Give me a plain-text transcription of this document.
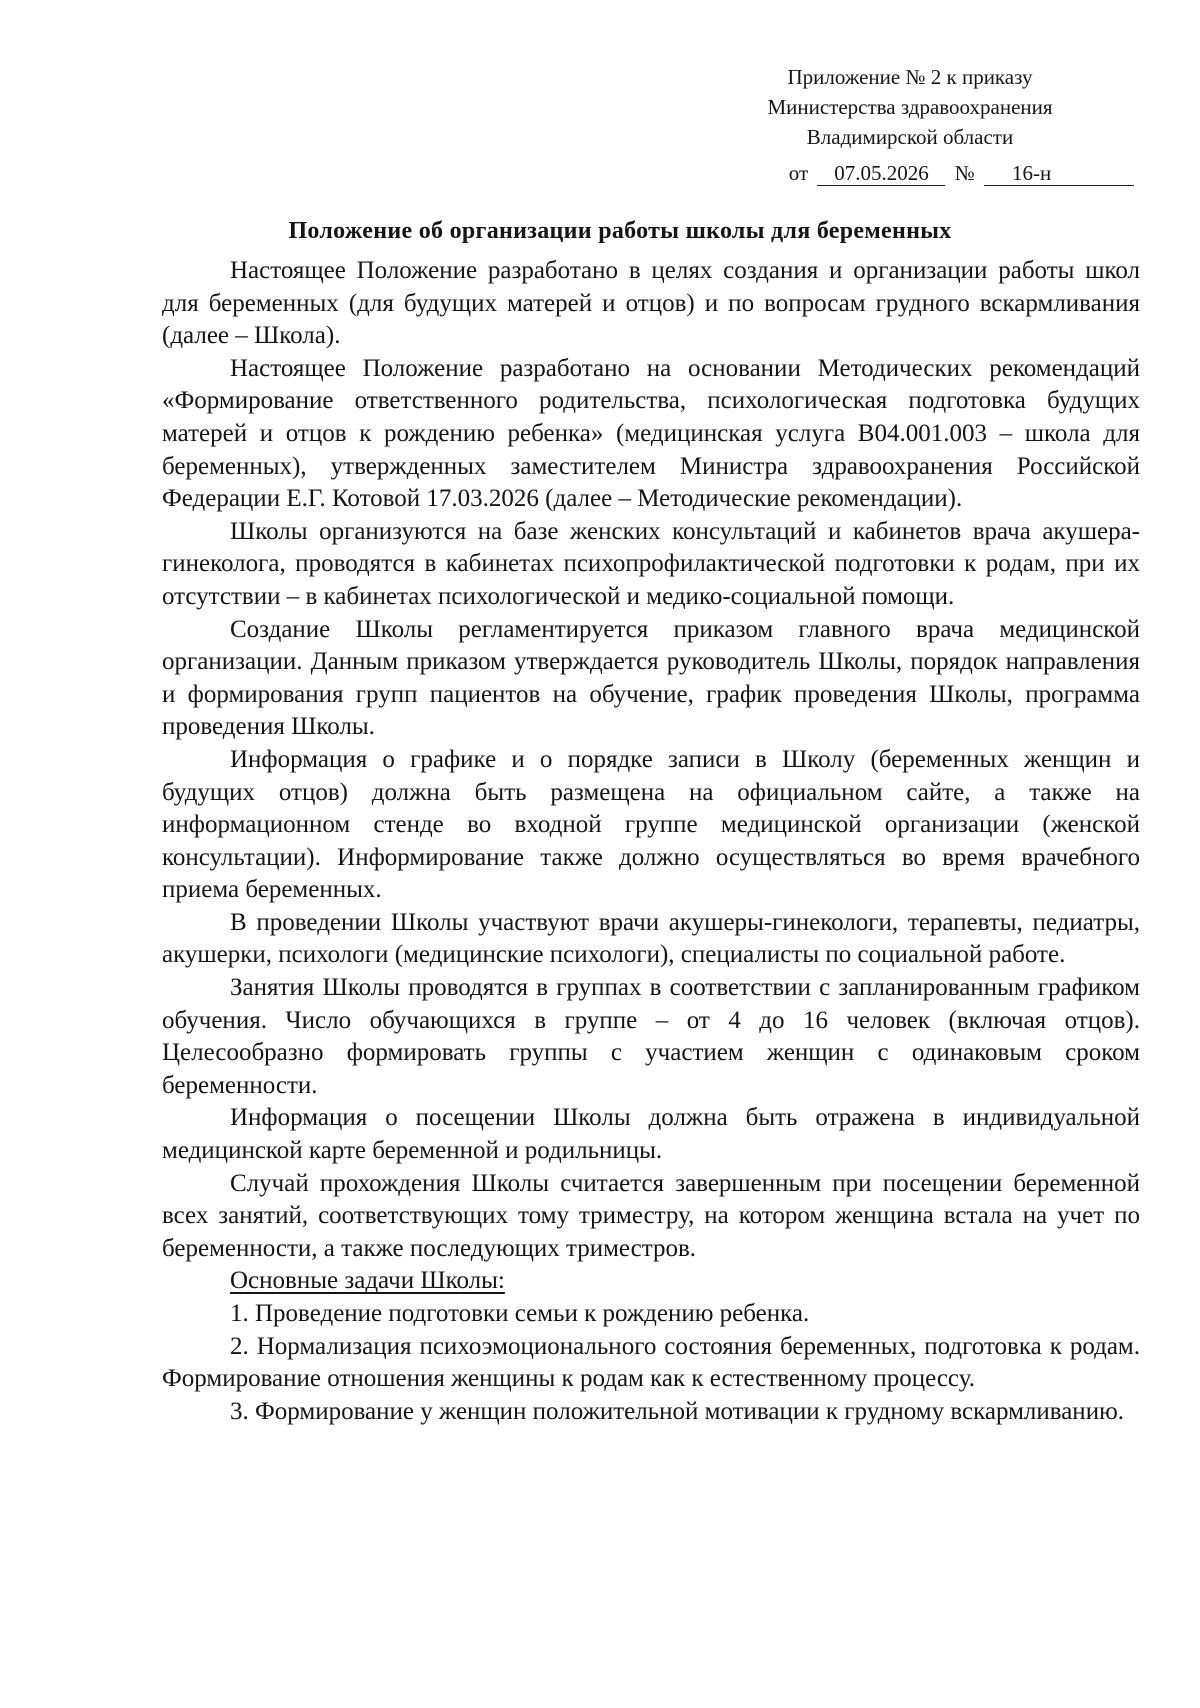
Приложение № 2 к приказу
Министерства здравоохранения
Владимирской области
от 07.05.2026 № 16-н
Положение об организации работы школы для беременных

Настоящее Положение разработано в целях создания и организации работы школ для беременных (для будущих матерей и отцов) и по вопросам грудного вскармливания (далее – Школа).

Настоящее Положение разработано на основании Методических рекомендаций «Формирование ответственного родительства, психологическая подготовка будущих матерей и отцов к рождению ребенка» (медицинская услуга B04.001.003 – школа для беременных), утвержденных заместителем Министра здравоохранения Российской Федерации Е.Г. Котовой 17.03.2026 (далее – Методические рекомендации).

Школы организуются на базе женских консультаций и кабинетов врача акушера-гинеколога, проводятся в кабинетах психопрофилактической подготовки к родам, при их отсутствии – в кабинетах психологической и медико-социальной помощи.

Создание Школы регламентируется приказом главного врача медицинской организации. Данным приказом утверждается руководитель Школы, порядок направления и формирования групп пациентов на обучение, график проведения Школы, программа проведения Школы.

Информация о графике и о порядке записи в Школу (беременных женщин и будущих отцов) должна быть размещена на официальном сайте, а также на информационном стенде во входной группе медицинской организации (женской консультации). Информирование также должно осуществляться во время врачебного приема беременных.

В проведении Школы участвуют врачи акушеры-гинекологи, терапевты, педиатры, акушерки, психологи (медицинские психологи), специалисты по социальной работе.

Занятия Школы проводятся в группах в соответствии с запланированным графиком обучения. Число обучающихся в группе – от 4 до 16 человек (включая отцов). Целесообразно формировать группы с участием женщин с одинаковым сроком беременности.

Информация о посещении Школы должна быть отражена в индивидуальной медицинской карте беременной и родильницы.

Случай прохождения Школы считается завершенным при посещении беременной всех занятий, соответствующих тому триместру, на котором женщина встала на учет по беременности, а также последующих триместров.

Основные задачи Школы:

1. Проведение подготовки семьи к рождению ребенка.

2. Нормализация психоэмоционального состояния беременных, подготовка к родам. Формирование отношения женщины к родам как к естественному процессу.

3. Формирование у женщин положительной мотивации к грудному вскармливанию.
